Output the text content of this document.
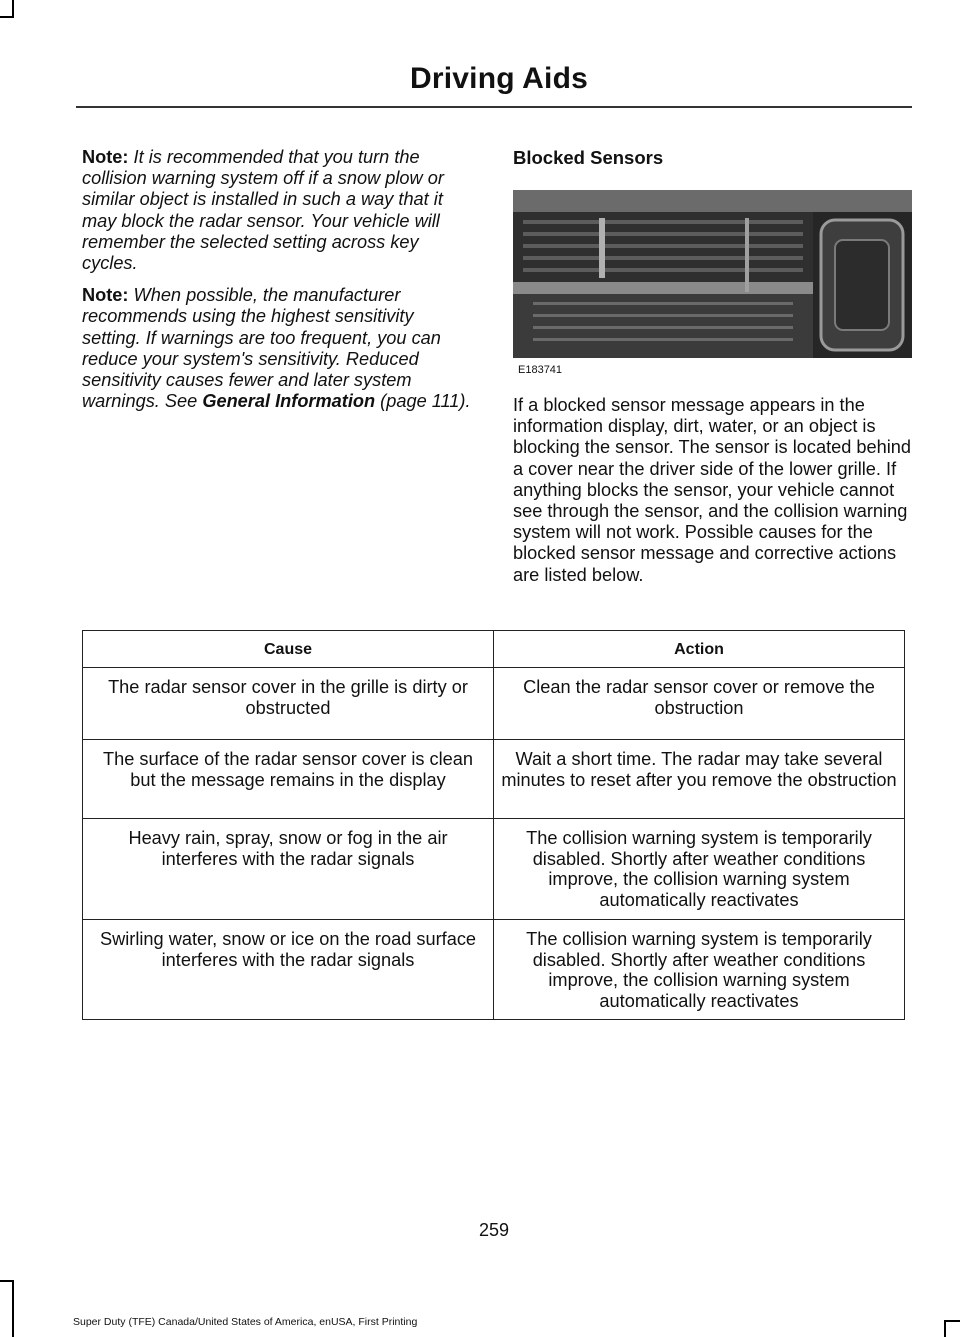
Driving Aids

Note: It is recommended that you turn the collision warning system off if a snow plow or similar object is installed in such a way that it may block the radar sensor. Your vehicle will remember the selected setting across key cycles.

Note: When possible, the manufacturer recommends using the highest sensitivity setting. If warnings are too frequent, you can reduce your system's sensitivity. Reduced sensitivity causes fewer and later system warnings. See General Information (page 111).

Blocked Sensors
E183741

If a blocked sensor message appears in the information display, dirt, water, or an object is blocking the sensor. The sensor is located behind a cover near the driver side of the lower grille. If anything blocks the sensor, your vehicle cannot see through the sensor, and the collision warning system will not work. Possible causes for the blocked sensor message and corrective actions are listed below.

Cause	Action
The radar sensor cover in the grille is dirty or obstructed	Clean the radar sensor cover or remove the obstruction
The surface of the radar sensor cover is clean but the message remains in the display	Wait a short time. The radar may take several minutes to reset after you remove the obstruction
Heavy rain, spray, snow or fog in the air interferes with the radar signals	The collision warning system is temporarily disabled. Shortly after weather conditions improve, the collision warning system automatically reactivates
Swirling water, snow or ice on the road surface interferes with the radar signals	The collision warning system is temporarily disabled. Shortly after weather conditions improve, the collision warning system automatically reactivates
259
Super Duty (TFE) Canada/United States of America, enUSA, First Printing
